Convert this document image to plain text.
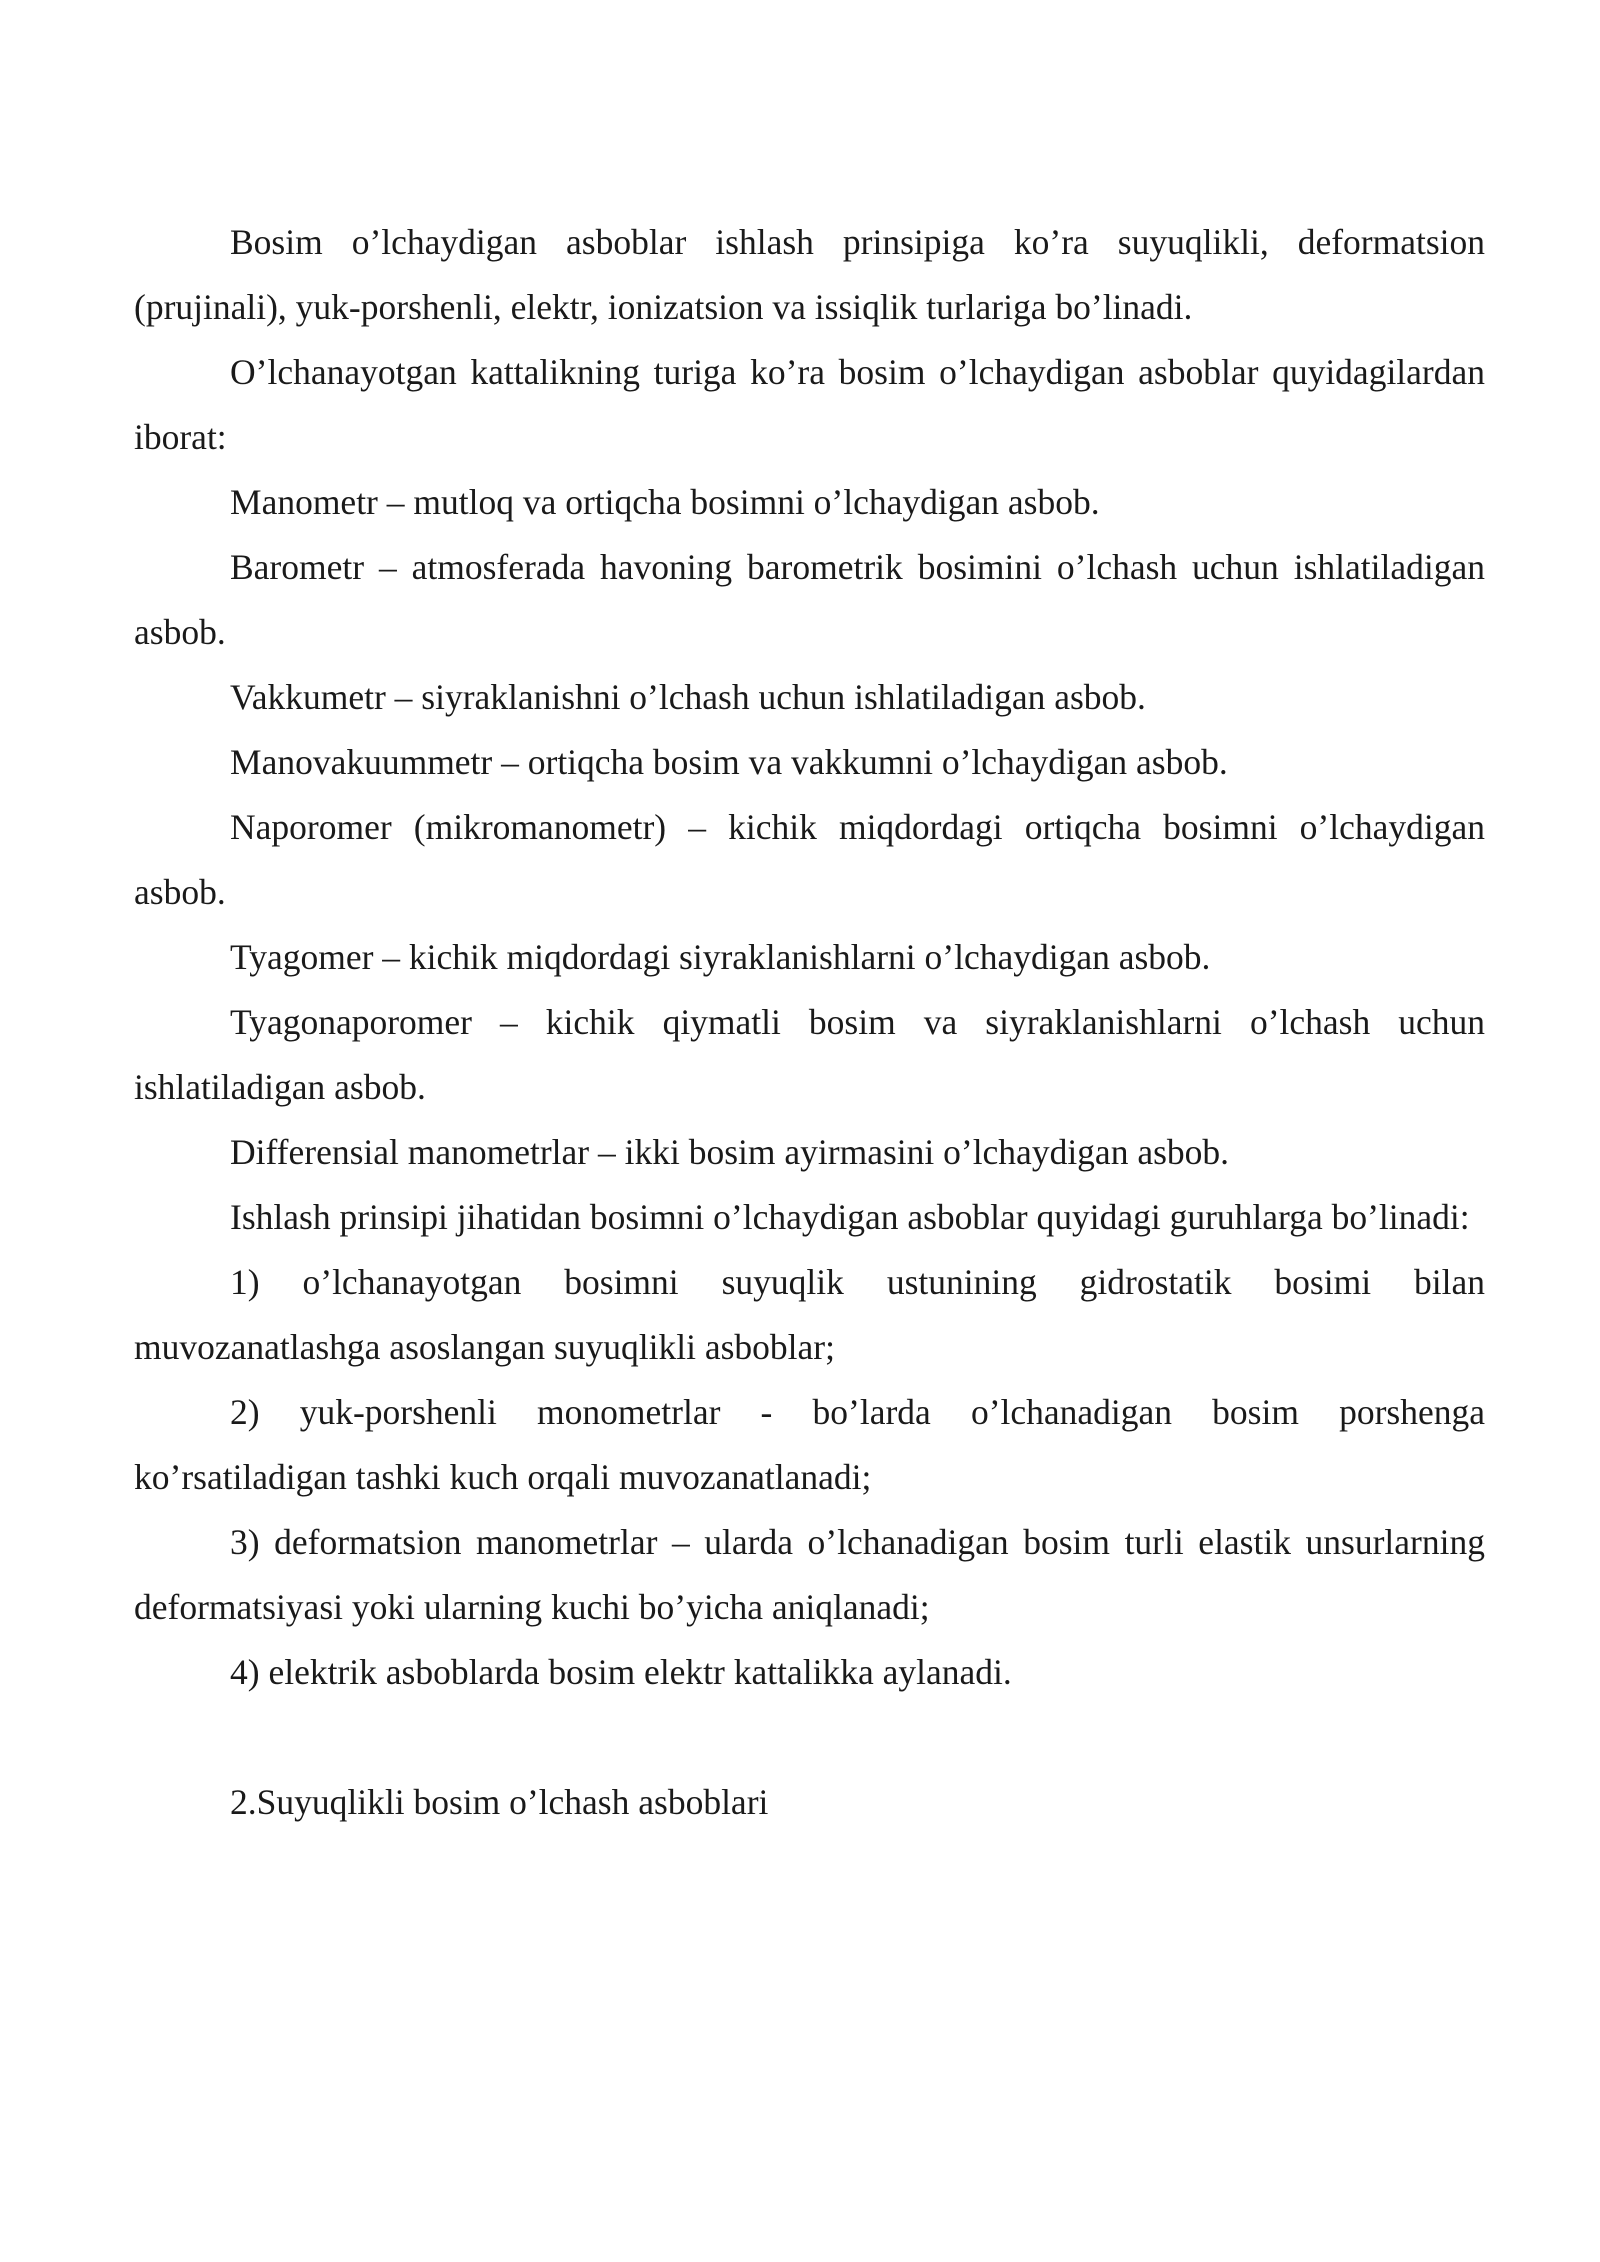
Bosim o’lchaydigan asboblar ishlash prinsipiga ko’ra suyuqlikli, deformatsion (prujinali), yuk-porshenli, elektr, ionizatsion va issiqlik turlariga bo’linadi.

O’lchanayotgan kattalikning turiga ko’ra bosim o’lchaydigan asboblar quyidagilardan iborat:

Manometr – mutloq va ortiqcha bosimni o’lchaydigan asbob.

Barometr – atmosferada havoning barometrik bosimini o’lchash uchun ishlatiladigan asbob.

Vakkumetr – siyraklanishni o’lchash uchun ishlatiladigan asbob.

Manovakuummetr – ortiqcha bosim va vakkumni o’lchaydigan asbob.

Naporomer (mikromanometr) – kichik miqdordagi ortiqcha bosimni o’lchaydigan asbob.

Tyagomer – kichik miqdordagi siyraklanishlarni o’lchaydigan asbob.

Tyagonaporomer – kichik qiymatli bosim va siyraklanishlarni o’lchash uchun ishlatiladigan asbob.

Differensial manometrlar – ikki bosim ayirmasini o’lchaydigan asbob.

Ishlash prinsipi jihatidan bosimni o’lchaydigan asboblar quyidagi guruhlarga bo’linadi:

1) o’lchanayotgan bosimni suyuqlik ustunining gidrostatik bosimi bilan muvozanatlashga asoslangan suyuqlikli asboblar;

2) yuk-porshenli monometrlar - bo’larda o’lchanadigan bosim porshenga ko’rsatiladigan tashki kuch orqali muvozanatlanadi;

3) deformatsion manometrlar – ularda o’lchanadigan bosim turli elastik unsurlarning deformatsiyasi yoki ularning kuchi bo’yicha aniqlanadi;

4) elektrik asboblarda bosim elektr kattalikka aylanadi.

2.Suyuqlikli bosim o’lchash asboblari
